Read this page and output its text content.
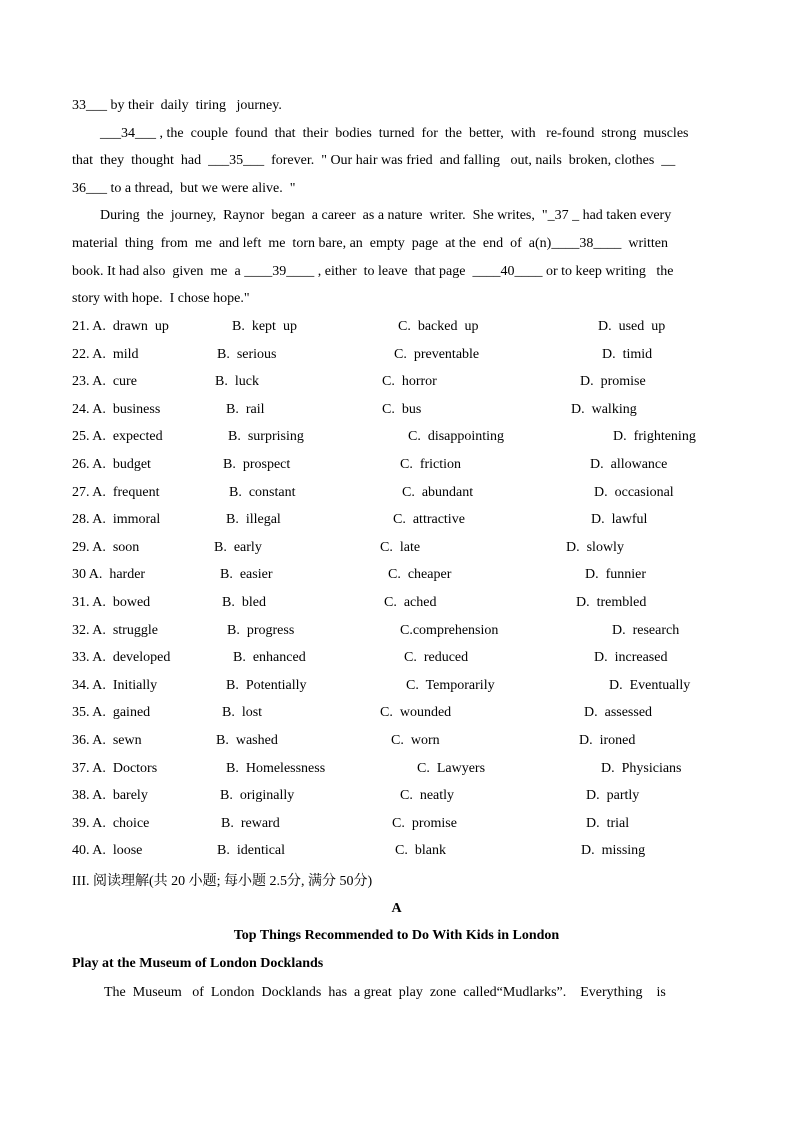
33___ by their  daily  tiring   journey.
___34___ , the  couple  found  that  their  bodies  turned  for  the  better,  with   re-found  strong  muscles
that  they  thought  had  ___35___  forever.  " Our hair was fried  and falling   out, nails  broken, clothes  __
36___ to a thread,  but we were alive.  "
During  the  journey,  Raynor  began  a career  as a nature  writer.  She writes,  "_37 _ had taken every
material  thing  from  me  and left  me  torn bare, an  empty  page  at the  end  of  a(n)____38____  written
book. It had also  given  me  a ____39____ , either  to leave  that page  ____40____ or to keep writing   the
story with hope.  I chose hope."
21. A.  drawn  up	B.  kept  up	C.  backed  up	D.  used  up
22. A.  mild	B.  serious	C.  preventable	D.  timid
23. A.  cure	B.  luck	C.  horror	D.  promise
24. A.  business	B.  rail	C.  bus	D.  walking
25. A.  expected	B.  surprising	C.  disappointing	D.  frightening
26. A.  budget	B.  prospect	C.  friction	D.  allowance
27. A.  frequent	B.  constant	C.  abundant	D.  occasional
28. A.  immoral	B.  illegal	C.  attractive	D.  lawful
29. A.  soon	B.  early	C.  late	D.  slowly
30 A.  harder	B.  easier	C.  cheaper	D.  funnier
31. A.  bowed	B.  bled	C.  ached	D.  trembled
32. A.  struggle	B.  progress	C.comprehension	D.  research
33. A.  developed	B.  enhanced	C.  reduced	D.  increased
34. A.  Initially	B.  Potentially	C.  Temporarily	D.  Eventually
35. A.  gained	B.  lost	C.  wounded	D.  assessed
36. A.  sewn	B.  washed	C.  worn	D.  ironed
37. A.  Doctors	B.  Homelessness	C.  Lawyers	D.  Physicians
38. A.  barely	B.  originally	C.  neatly	D.  partly
39. A.  choice	B.  reward	C.  promise	D.  trial
40. A.  loose	B.  identical	C.  blank	D.  missing
III. 阅读理解(共 20 小题; 每小题 2.5分, 满分 50分)
A
Top Things Recommended to Do With Kids in London
Play at the Museum of London Docklands
The  Museum   of  London  Docklands  has  a great  play  zone  called“Mudlarks”.    Everything    is
